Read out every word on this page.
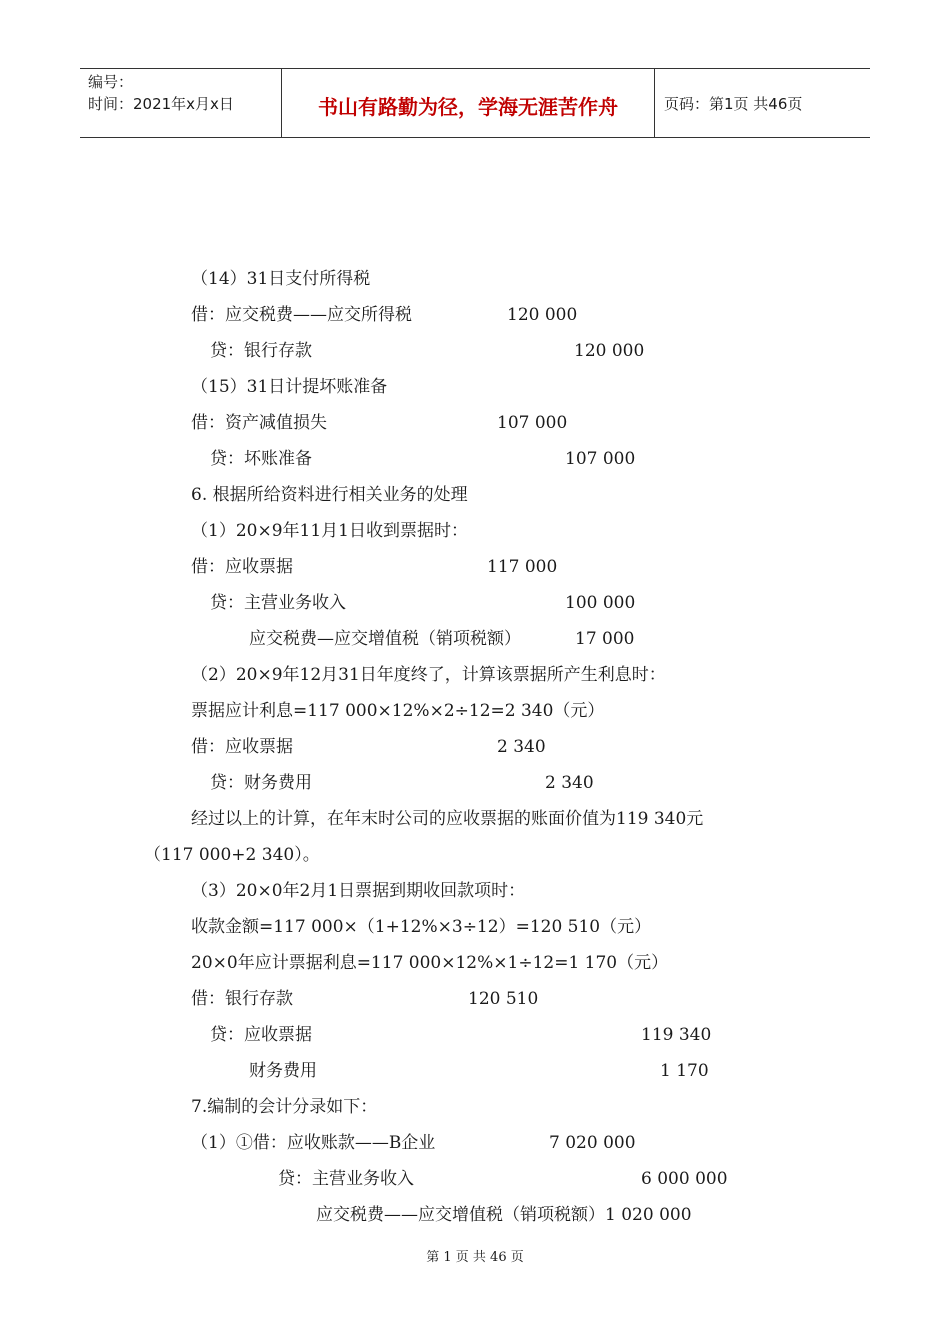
编号：
时间：2021年x月x日	书山有路勤为径，学海无涯苦作舟	页码：第1页 共46页
（14）31日支付所得税
借：应交税费——应交所得税	120 000
贷：银行存款	120 000
（15）31日计提坏账准备
借：资产减值损失	107 000
贷：坏账准备	107 000
6. 根据所给资料进行相关业务的处理
（1）20×9年11月1日收到票据时：
借：应收票据	117 000
贷：主营业务收入	100 000
应交税费—应交增值税（销项税额）	17 000
（2）20×9年12月31日年度终了，计算该票据所产生利息时：
票据应计利息=117 000×12%×2÷12=2 340（元）
借：应收票据	2 340
贷：财务费用	2 340
经过以上的计算，在年末时公司的应收票据的账面价值为119 340元
（117 000+2 340）。
（3）20×0年2月1日票据到期收回款项时：
收款金额=117 000×（1+12%×3÷12）=120 510（元）
20×0年应计票据利息=117 000×12%×1÷12=1 170（元）
借：银行存款	120 510
贷：应收票据	119 340
财务费用	1 170
7.编制的会计分录如下：
（1）①借：应收账款——B企业	7 020 000
贷：主营业务收入	6 000 000
应交税费——应交增值税（销项税额）1 020 000
第 1 页 共 46 页
